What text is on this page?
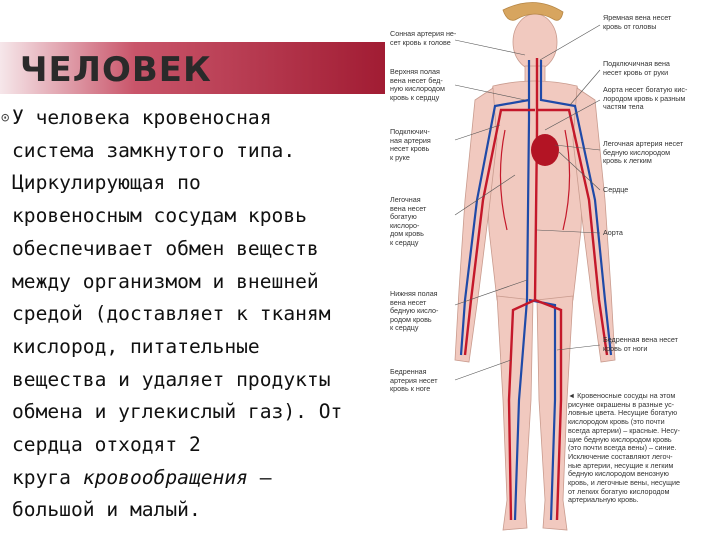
ЧЕЛОВЕК
⊙ У человека кровеносная
система замкнутого типа.
Циркулирующая по
кровеносным сосудам кровь
обеспечивает обмен веществ
между организмом и внешней
средой (доставляет к тканям
кислород, питательные
вещества и удаляет продукты
обмена и углекислый газ). От
сердца отходят 2
круга кровообращения –
большой и малый.
Сонная артерия не-
сет кровь к голове
Верхняя полая
вена несет бед-
ную кислородом
кровь к сердцу
Подключич-
ная артерия
несет кровь
к руке
Легочная
вена несет
богатую
кислоро-
дом кровь
к сердцу
Нижняя полая
вена несет
бедную кисло-
родом кровь
к сердцу
Бедренная
артерия несет
кровь к ноге
Яремная вена несет
кровь от головы
Подключичная вена
несет кровь от руки
Аорта несет богатую кис-
лородом кровь к разным
частям тела
Легочная артерия несет
бедную кислородом
кровь к легким
Сердце
Аорта
Бедренная вена несет
кровь от ноги
◄ Кровеносные сосуды на этом
рисунке окрашены в разные ус-
ловные цвета. Несущие богатую
кислородом кровь (это почти
всегда артерии) – красные. Несу-
щие бедную кислородом кровь
(это почти всегда вены) – синие.
Исключение составляют легоч-
ные артерии, несущие к легким
бедную кислородом венозную
кровь, и легочные вены, несущие
от легких богатую кислородом
артериальную кровь.
